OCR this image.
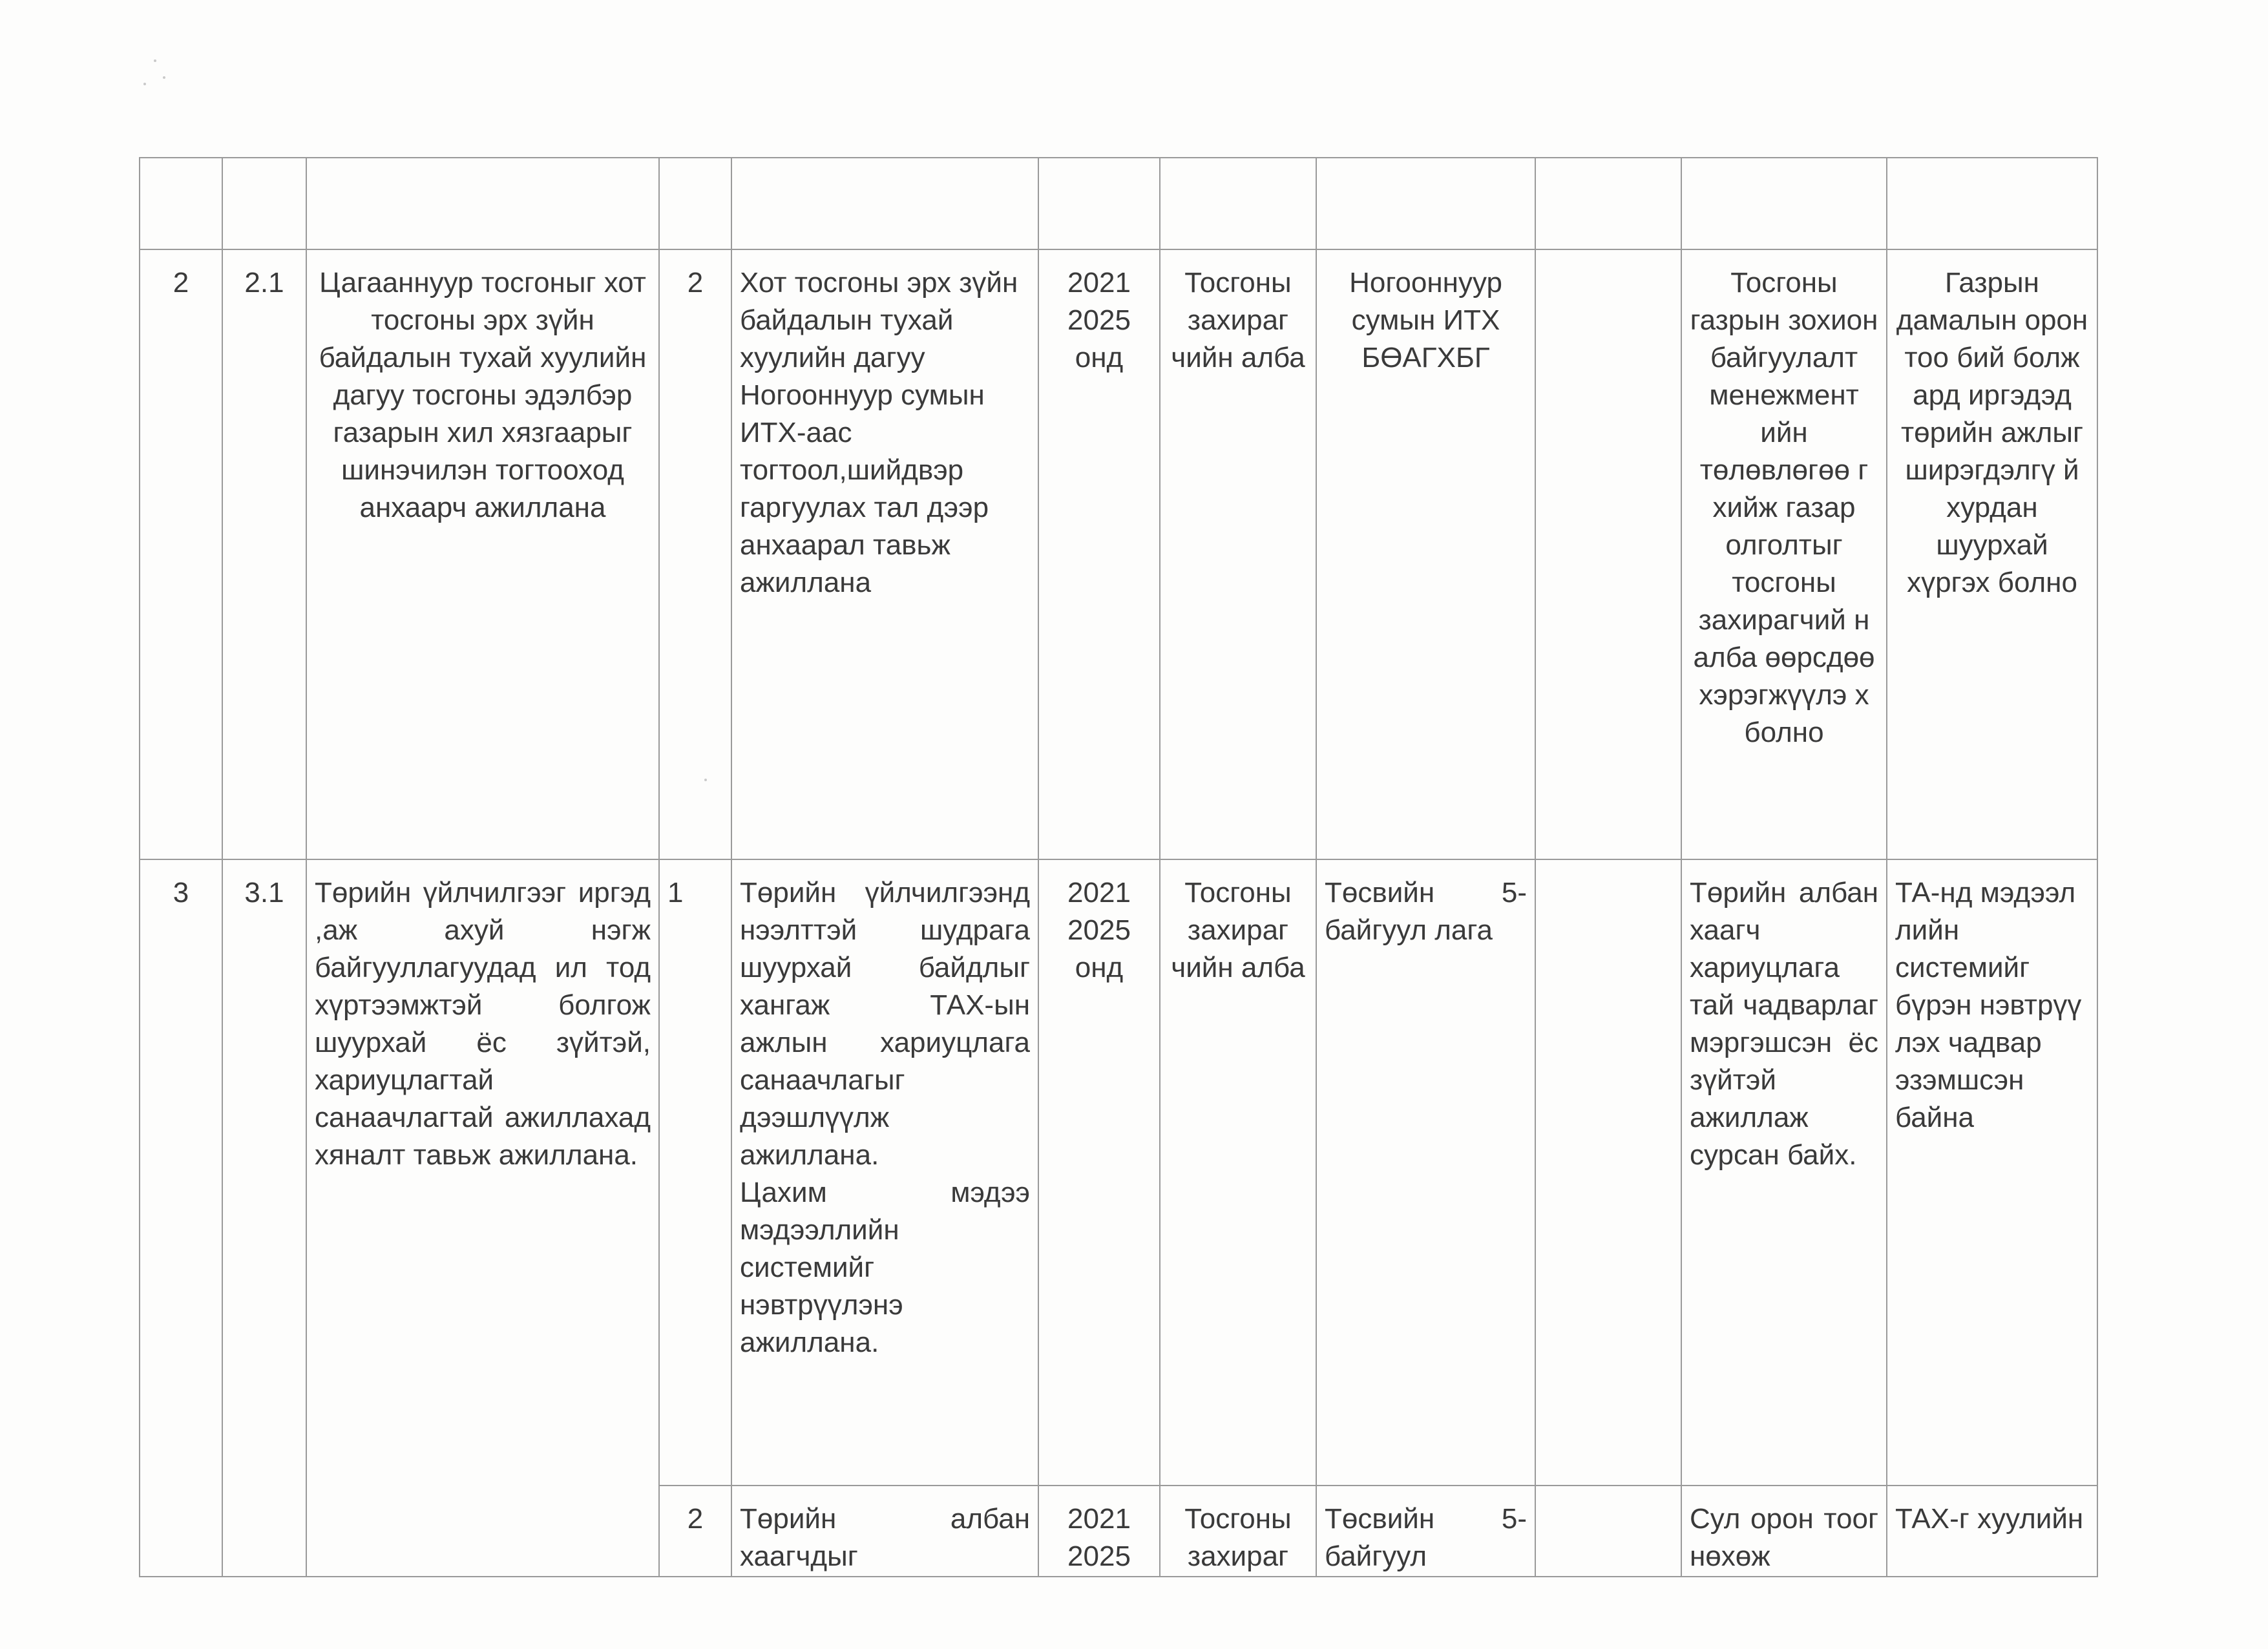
2	2.1	Цагааннуур тосгоныг хот тосгоны эрх зүйн байдалын тухай хуулийн дагуу тосгоны эдэлбэр газарын хил хязгаарыг шинэчилэн тогтооход анхаарч ажиллана	2	Хот тосгоны эрх зүйн байдалын тухай хуулийн дагуу Ногооннуур сумын ИТХ-аас тогтоол,шийдвэр гаргуулах тал дээр анхаарал тавьж ажиллана	2021
2025
онд	Тосгоны захираг чийн алба	Ногооннуур сумын ИТХ БӨАГХБГ		Тосгоны газрын зохион байгуулалт менежмент ийн төлөвлөгөө г хийж газар олголтыг тосгоны захирагчий н алба өөрсдөө хэрэгжүүлэ х болно	Газрын дамалын орон тоо бий болж ард иргэдэд төрийн ажлыг ширэгдэлгү й хурдан шуурхай хүргэх болно
3	3.1	Төрийн үйлчилгээг иргэд ,аж ахуй нэгж байгууллагуудад ил тод хүртээмжтэй болгож шуурхай ёс зүйтэй, хариуцлагтай санаачлагтай ажиллахад хяналт тавьж ажиллана.	1	Төрийн үйлчилгээнд нээлттэй шудрага шуурхай байдлыг хангаж ТАХ-ын ажлын хариуцлага санаачлагыг дээшлүүлж ажиллана.
Цахим мэдээ мэдээллийн системийг нэвтрүүлэнэ ажиллана.	2021
2025
онд	Тосгоны захираг чийн алба	Төсвийн 5-байгуул лага		Төрийн албан хаагч хариуцлага тай чадварлаг мэргэшсэн ёс зүйтэй ажиллаж сурсан байх.	ТА-нд мэдээл лийн системийг бүрэн нэвтрүү лэх чадвар эзэмшсэн байна
			2	Төрийн албан хаагчдыг	2021
2025	Тосгоны захираг	Төсвийн 5-байгуул		Сул орон тоог нөхөж	ТАХ-г хуулийн
